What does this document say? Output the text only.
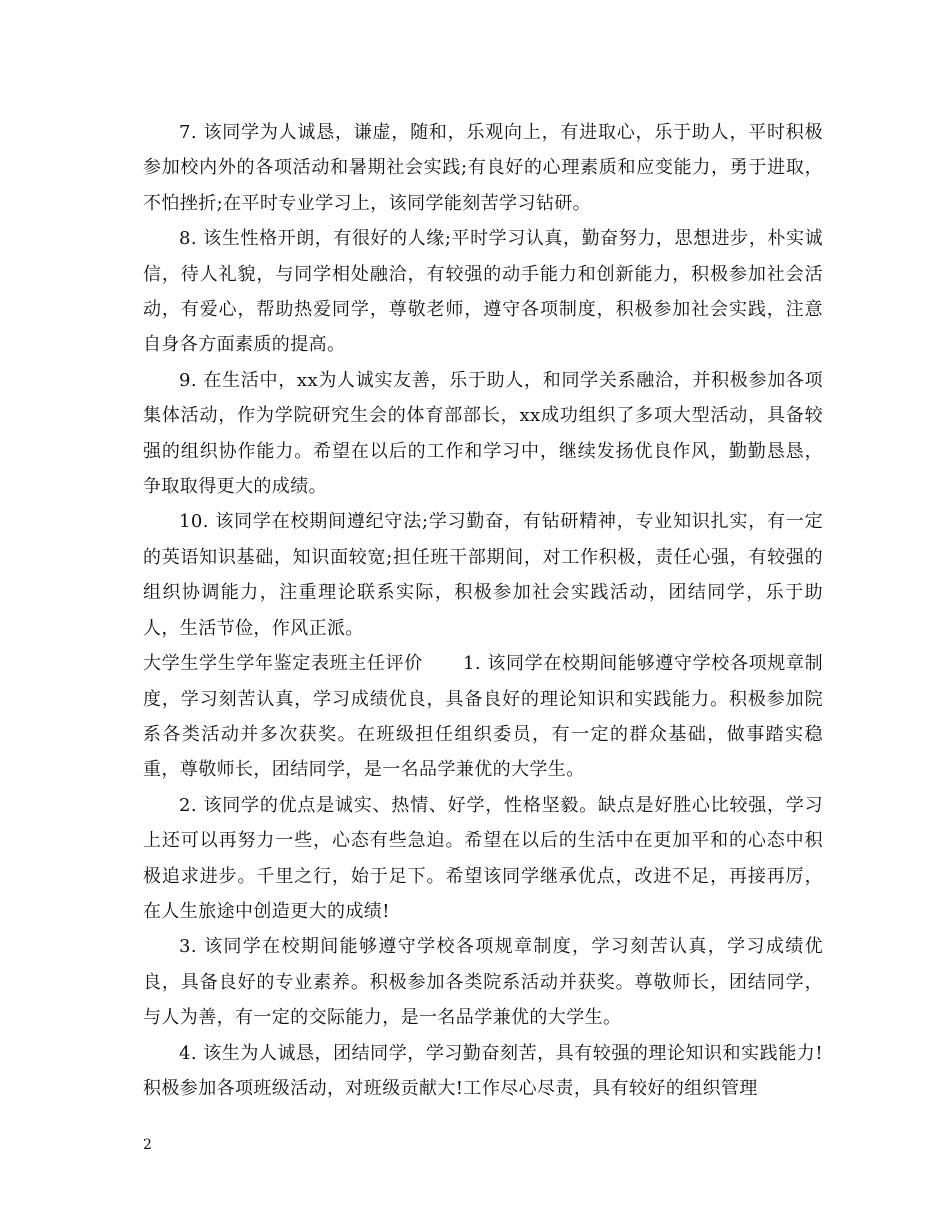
7. 该同学为人诚恳，谦虚，随和，乐观向上，有进取心，乐于助人，平时积极参加校内外的各项活动和暑期社会实践;有良好的心理素质和应变能力，勇于进取，不怕挫折;在平时专业学习上，该同学能刻苦学习钻研。

8. 该生性格开朗，有很好的人缘;平时学习认真，勤奋努力，思想进步，朴实诚信，待人礼貌，与同学相处融洽，有较强的动手能力和创新能力，积极参加社会活动，有爱心，帮助热爱同学，尊敬老师，遵守各项制度，积极参加社会实践，注意自身各方面素质的提高。

9. 在生活中，xx为人诚实友善，乐于助人，和同学关系融洽，并积极参加各项集体活动，作为学院研究生会的体育部部长，xx成功组织了多项大型活动，具备较强的组织协作能力。希望在以后的工作和学习中，继续发扬优良作风，勤勤恳恳，争取取得更大的成绩。

10. 该同学在校期间遵纪守法;学习勤奋，有钻研精神，专业知识扎实，有一定的英语知识基础，知识面较宽;担任班干部期间，对工作积极，责任心强，有较强的组织协调能力，注重理论联系实际，积极参加社会实践活动，团结同学，乐于助人，生活节俭，作风正派。

大学生学生学年鉴定表班主任评价 1. 该同学在校期间能够遵守学校各项规章制度，学习刻苦认真，学习成绩优良，具备良好的理论知识和实践能力。积极参加院系各类活动并多次获奖。在班级担任组织委员，有一定的群众基础，做事踏实稳重，尊敬师长，团结同学，是一名品学兼优的大学生。

2. 该同学的优点是诚实、热情、好学，性格坚毅。缺点是好胜心比较强，学习上还可以再努力一些，心态有些急迫。希望在以后的生活中在更加平和的心态中积极追求进步。千里之行，始于足下。希望该同学继承优点，改进不足，再接再厉，在人生旅途中创造更大的成绩!

3. 该同学在校期间能够遵守学校各项规章制度，学习刻苦认真，学习成绩优良，具备良好的专业素养。积极参加各类院系活动并获奖。尊敬师长，团结同学，与人为善，有一定的交际能力，是一名品学兼优的大学生。

4. 该生为人诚恳，团结同学，学习勤奋刻苦，具有较强的理论知识和实践能力!积极参加各项班级活动，对班级贡献大!工作尽心尽责，具有较好的组织管理

2
